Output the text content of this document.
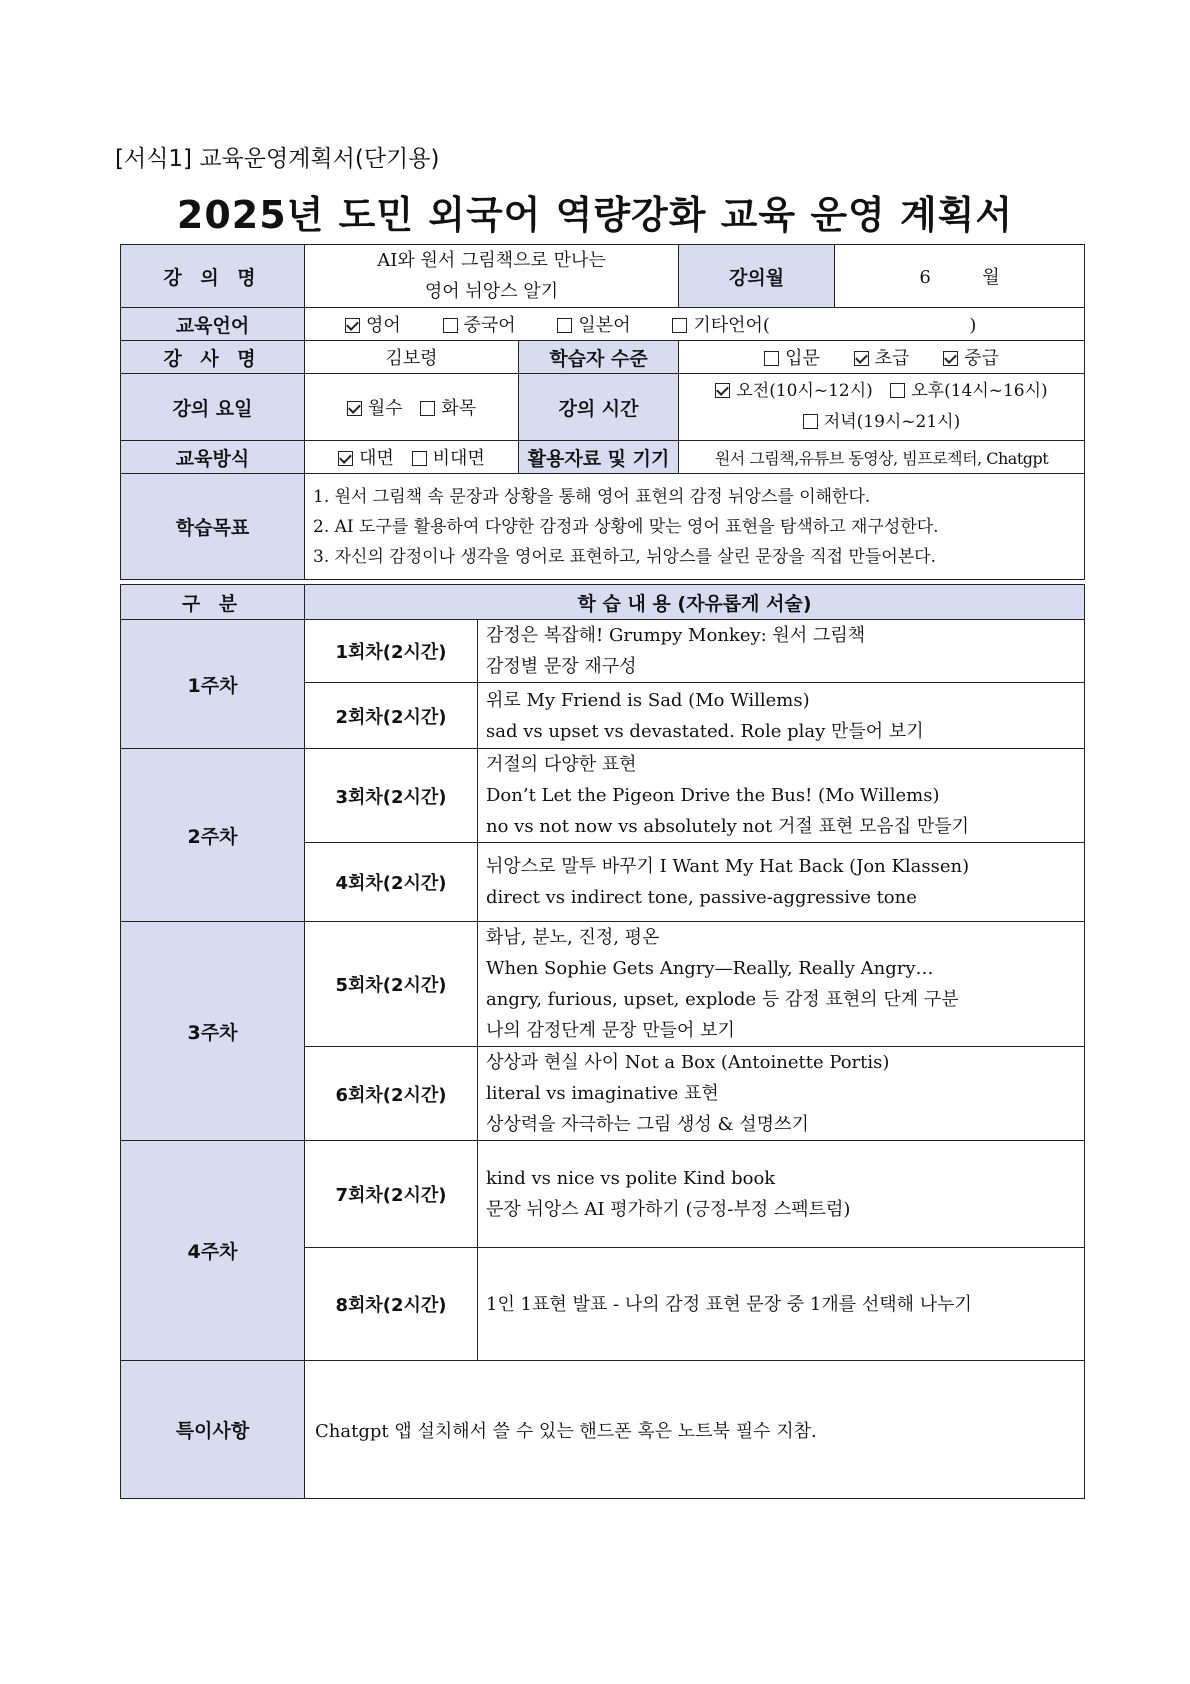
[서식1] 교육운영계획서(단기용)
2025년 도민 외국어 역량강화 교육 운영 계획서
강 의 명	AI와 원서 그림책으로 만나는
영어 뉘앙스 알기		강의월	6 월
교육언어	영어 중국어 일본어 기타언어( )			
강 사 명	김보령	학습자 수준	입문 초급 중급	
강의 요일	월수 화목	강의 시간	오전(10시~12시) 오후(14시~16시)
저녁(19시~21시)	

교육방식	대면 비대면	활용자료 및 기기	원서 그림책,유튜브 동영상, 빔프로젝터, Chatgpt	
학습목표	1. 원서 그림책 속 문장과 상황을 통해 영어 표현의 감정 뉘앙스를 이해한다.
2. AI 도구를 활용하여 다양한 감정과 상황에 맞는 영어 표현을 탐색하고 재구성한다.
3. 자신의 감정이나 생각을 영어로 표현하고, 뉘앙스를 살린 문장을 직접 만들어본다.			
구 분	학 습 내 용 (자유롭게 서술)	
1주차	1회차(2시간)	감정은 복잡해! Grumpy Monkey: 원서 그림책
감정별 문장 재구성

	2회차(2시간)	위로 My Friend is Sad (Mo Willems)
sad vs upset vs devastated. Role play 만들어 보기

2주차	3회차(2시간)	거절의 다양한 표현
Don’t Let the Pigeon Drive the Bus! (Mo Willems)
no vs not now vs absolutely not 거절 표현 모음집 만들기

	4회차(2시간)	뉘앙스로 말투 바꾸기 I Want My Hat Back (Jon Klassen)
direct vs indirect tone, passive-aggressive tone

3주차	5회차(2시간)	화남, 분노, 진정, 평온
When Sophie Gets Angry—Really, Really Angry…
angry, furious, upset, explode 등 감정 표현의 단계 구분
나의 감정단계 문장 만들어 보기

	6회차(2시간)	상상과 현실 사이 Not a Box (Antoinette Portis)
literal vs imaginative 표현
상상력을 자극하는 그림 생성 & 설명쓰기

4주차	7회차(2시간)	kind vs nice vs polite Kind book
문장 뉘앙스 AI 평가하기 (긍정-부정 스펙트럼)

	8회차(2시간)	1인 1표현 발표 - 나의 감정 표현 문장 중 1개를 선택해 나누기

특이사항	Chatgpt 앱 설치해서 쓸 수 있는 핸드폰 혹은 노트북 필수 지참.	
